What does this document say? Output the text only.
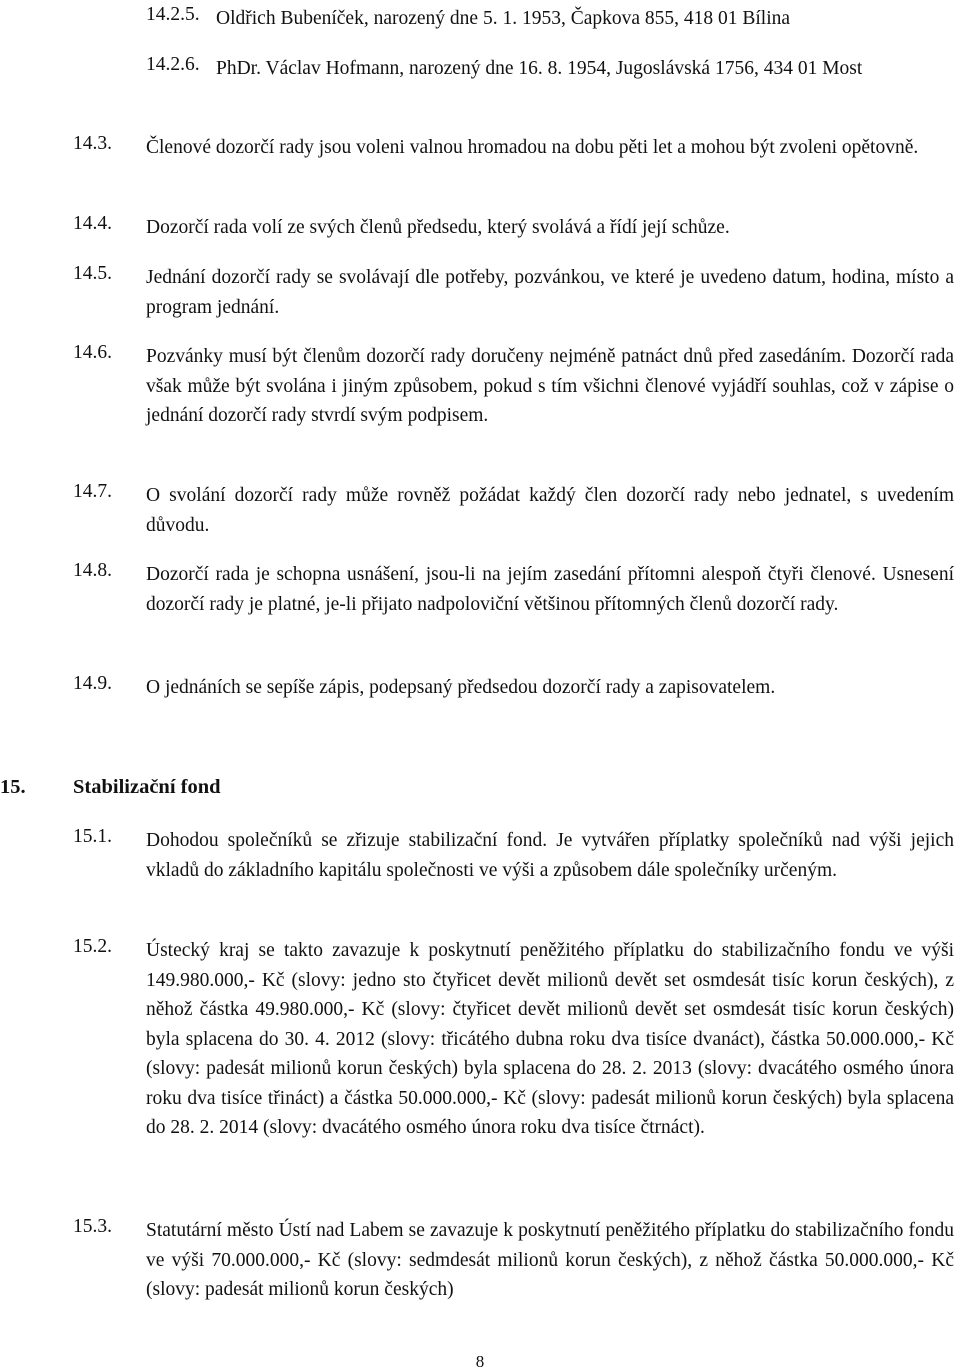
14.2.5. Oldřich Bubeníček, narozený dne 5. 1. 1953, Čapkova 855, 418 01 Bílina
14.2.6. PhDr. Václav Hofmann, narozený dne 16. 8. 1954, Jugoslávská 1756, 434 01 Most
14.3. Členové dozorčí rady jsou voleni valnou hromadou na dobu pěti let a mohou být zvoleni opětovně.
14.4. Dozorčí rada volí ze svých členů předsedu, který svolává a řídí její schůze.
14.5. Jednání dozorčí rady se svolávají dle potřeby, pozvánkou, ve které je uvedeno datum, hodina, místo a program jednání.
14.6. Pozvánky musí být členům dozorčí rady doručeny nejméně patnáct dnů před zasedáním. Dozorčí rada však může být svolána i jiným způsobem, pokud s tím všichni členové vyjádří souhlas, což v zápise o jednání dozorčí rady stvrdí svým podpisem.
14.7. O svolání dozorčí rady může rovněž požádat každý člen dozorčí rady nebo jednatel, s uvedením důvodu.
14.8. Dozorčí rada je schopna usnášení, jsou-li na jejím zasedání přítomni alespoň čtyři členové. Usnesení dozorčí rady je platné, je-li přijato nadpoloviční většinou přítomných členů dozorčí rady.
14.9. O jednáních se sepíše zápis, podepsaný předsedou dozorčí rady a zapisovatelem.
15. Stabilizační fond
15.1. Dohodou společníků se zřizuje stabilizační fond. Je vytvářen příplatky společníků nad výši jejich vkladů do základního kapitálu společnosti ve výši a způsobem dále společníky určeným.
15.2. Ústecký kraj se takto zavazuje k poskytnutí peněžitého příplatku do stabilizačního fondu ve výši 149.980.000,- Kč (slovy: jedno sto čtyřicet devět milionů devět set osmdesát tisíc korun českých), z něhož částka 49.980.000,- Kč (slovy: čtyřicet devět milionů devět set osmdesát tisíc korun českých) byla splacena do 30. 4. 2012 (slovy: třicátého dubna roku dva tisíce dvanáct), částka 50.000.000,- Kč (slovy: padesát milionů korun českých) byla splacena do 28. 2. 2013 (slovy: dvacátého osmého února roku dva tisíce třináct) a částka 50.000.000,- Kč (slovy: padesát milionů korun českých) byla splacena do 28. 2. 2014 (slovy: dvacátého osmého února roku dva tisíce čtrnáct).
15.3. Statutární město Ústí nad Labem se zavazuje k poskytnutí peněžitého příplatku do stabilizačního fondu ve výši 70.000.000,- Kč (slovy: sedmdesát milionů korun českých), z něhož částka 50.000.000,- Kč (slovy: padesát milionů korun českých)
8
